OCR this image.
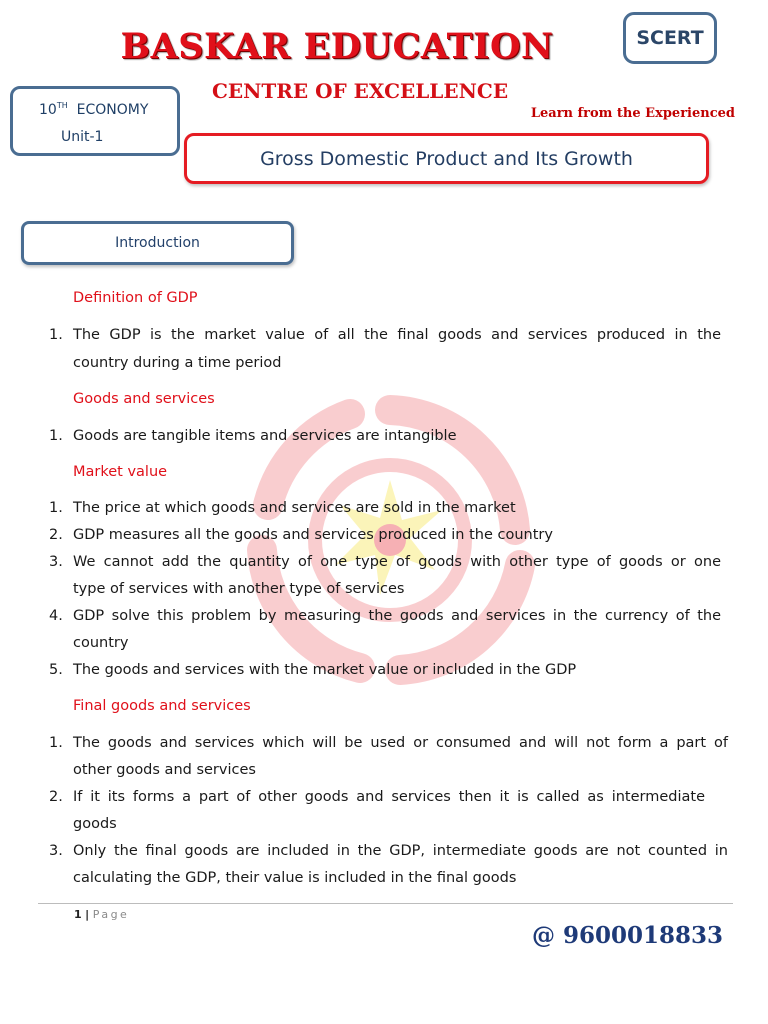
BASKAR EDUCATION
CENTRE OF EXCELLENCE
Learn from the Experienced
SCERT
10TH ECONOMY
Unit-1
Gross Domestic Product and Its Growth
Introduction
Definition of GDP
1. The GDP is the market value of all the final goods and services produced in the
country during a time period
Goods and services
1. Goods are tangible items and services are intangible
Market value
1. The price at which goods and services are sold in the market
2. GDP measures all the goods and services produced in the country
3. We cannot add the quantity of one type of goods with other type of goods or one
type of services with another type of services
4. GDP solve this problem by measuring the goods and services in the currency of the
country
5. The goods and services with the market value or included in the GDP
Final goods and services
1. The goods and services which will be used or consumed and will not form a part of
other goods and services
2. If it its forms a part of other goods and services then it is called as intermediate
goods
3. Only the final goods are included in the GDP, intermediate goods are not counted in
calculating the GDP, their value is included in the final goods
1 | Page
@ 9600018833
